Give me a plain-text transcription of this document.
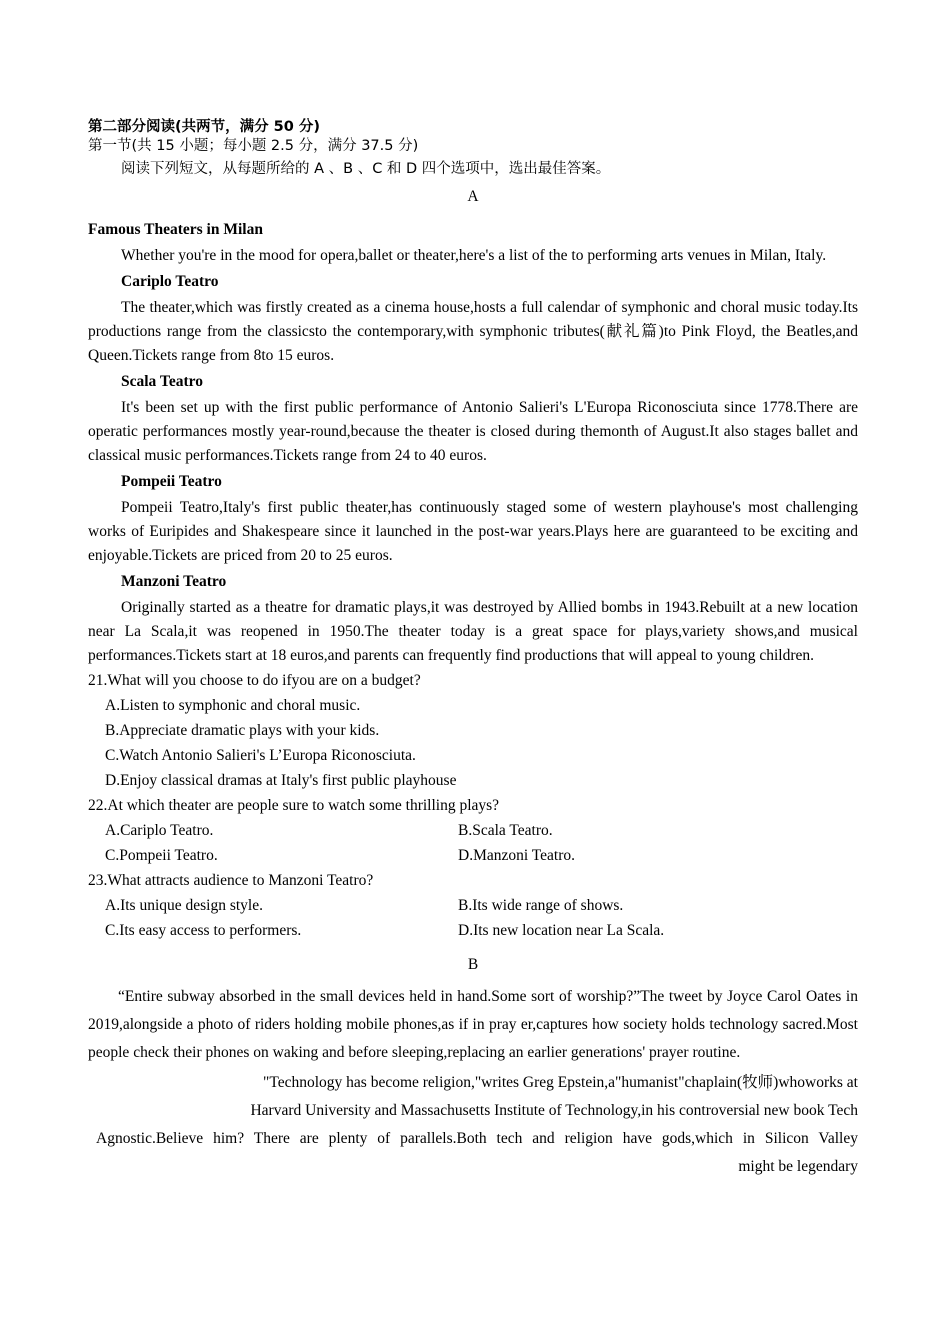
第二部分阅读(共两节，满分 50 分)

第一节(共 15 小题；每小题 2.5 分，满分 37.5 分)

阅读下列短文，从每题所给的 A 、B 、C 和 D 四个选项中，选出最佳答案。

A

Famous Theaters in Milan

Whether you're in the mood for opera,ballet or theater,here's a list of the to performing arts venues in Milan, Italy.

Cariplo Teatro

The theater,which was firstly created as a cinema house,hosts a full calendar of symphonic and choral music today.Its productions range from the classicsto the contemporary,with symphonic tributes(献礼篇)to Pink Floyd, the Beatles,and Queen.Tickets range from 8to 15 euros.

Scala Teatro

It's been set up with the first public performance of Antonio Salieri's L'Europa Riconosciuta since 1778.There are operatic performances mostly year-round,because the theater is closed during themonth of August.It also stages ballet and classical music performances.Tickets range from 24 to 40 euros.

Pompeii Teatro

Pompeii Teatro,Italy's first public theater,has continuously staged some of western playhouse's most challenging works of Euripides and Shakespeare since it launched in the post-war years.Plays here are guaranteed to be exciting and enjoyable.Tickets are priced from 20 to 25 euros.

Manzoni Teatro

Originally started as a theatre for dramatic plays,it was destroyed by Allied bombs in 1943.Rebuilt at a new location near La Scala,it was reopened in 1950.The theater today is a great space for plays,variety shows,and musical performances.Tickets start at 18 euros,and parents can frequently find productions that will appeal to young children.

21.What will you choose to do ifyou are on a budget?

A.Listen to symphonic and choral music.

B.Appreciate dramatic plays with your kids.

C.Watch Antonio Salieri's L’Europa Riconosciuta.

D.Enjoy classical dramas at Italy's first public playhouse

22.At which theater are people sure to watch some thrilling plays?

A.Cariplo Teatro.	B.Scala Teatro.
C.Pompeii Teatro.	D.Manzoni Teatro.

23.What attracts audience to Manzoni Teatro?

A.Its unique design style.	B.Its wide range of shows.
C.Its easy access to performers.	D.Its new location near La Scala.

B

“Entire subway absorbed in the small devices held in hand.Some sort of worship?”The tweet by Joyce Carol Oates in 2019,alongside a photo of riders holding mobile phones,as if in pray er,captures how society holds technology sacred.Most people check their phones on waking and before sleeping,replacing an earlier generations' prayer routine.

"Technology has become religion,"writes Greg Epstein,a"humanist"chaplain(牧师)whoworks at
Harvard University and Massachusetts Institute of Technology,in his controversial new book Tech
Agnostic.Believe him? There are plenty of parallels.Both tech and religion have gods,which in Silicon Valley
might be legendary
